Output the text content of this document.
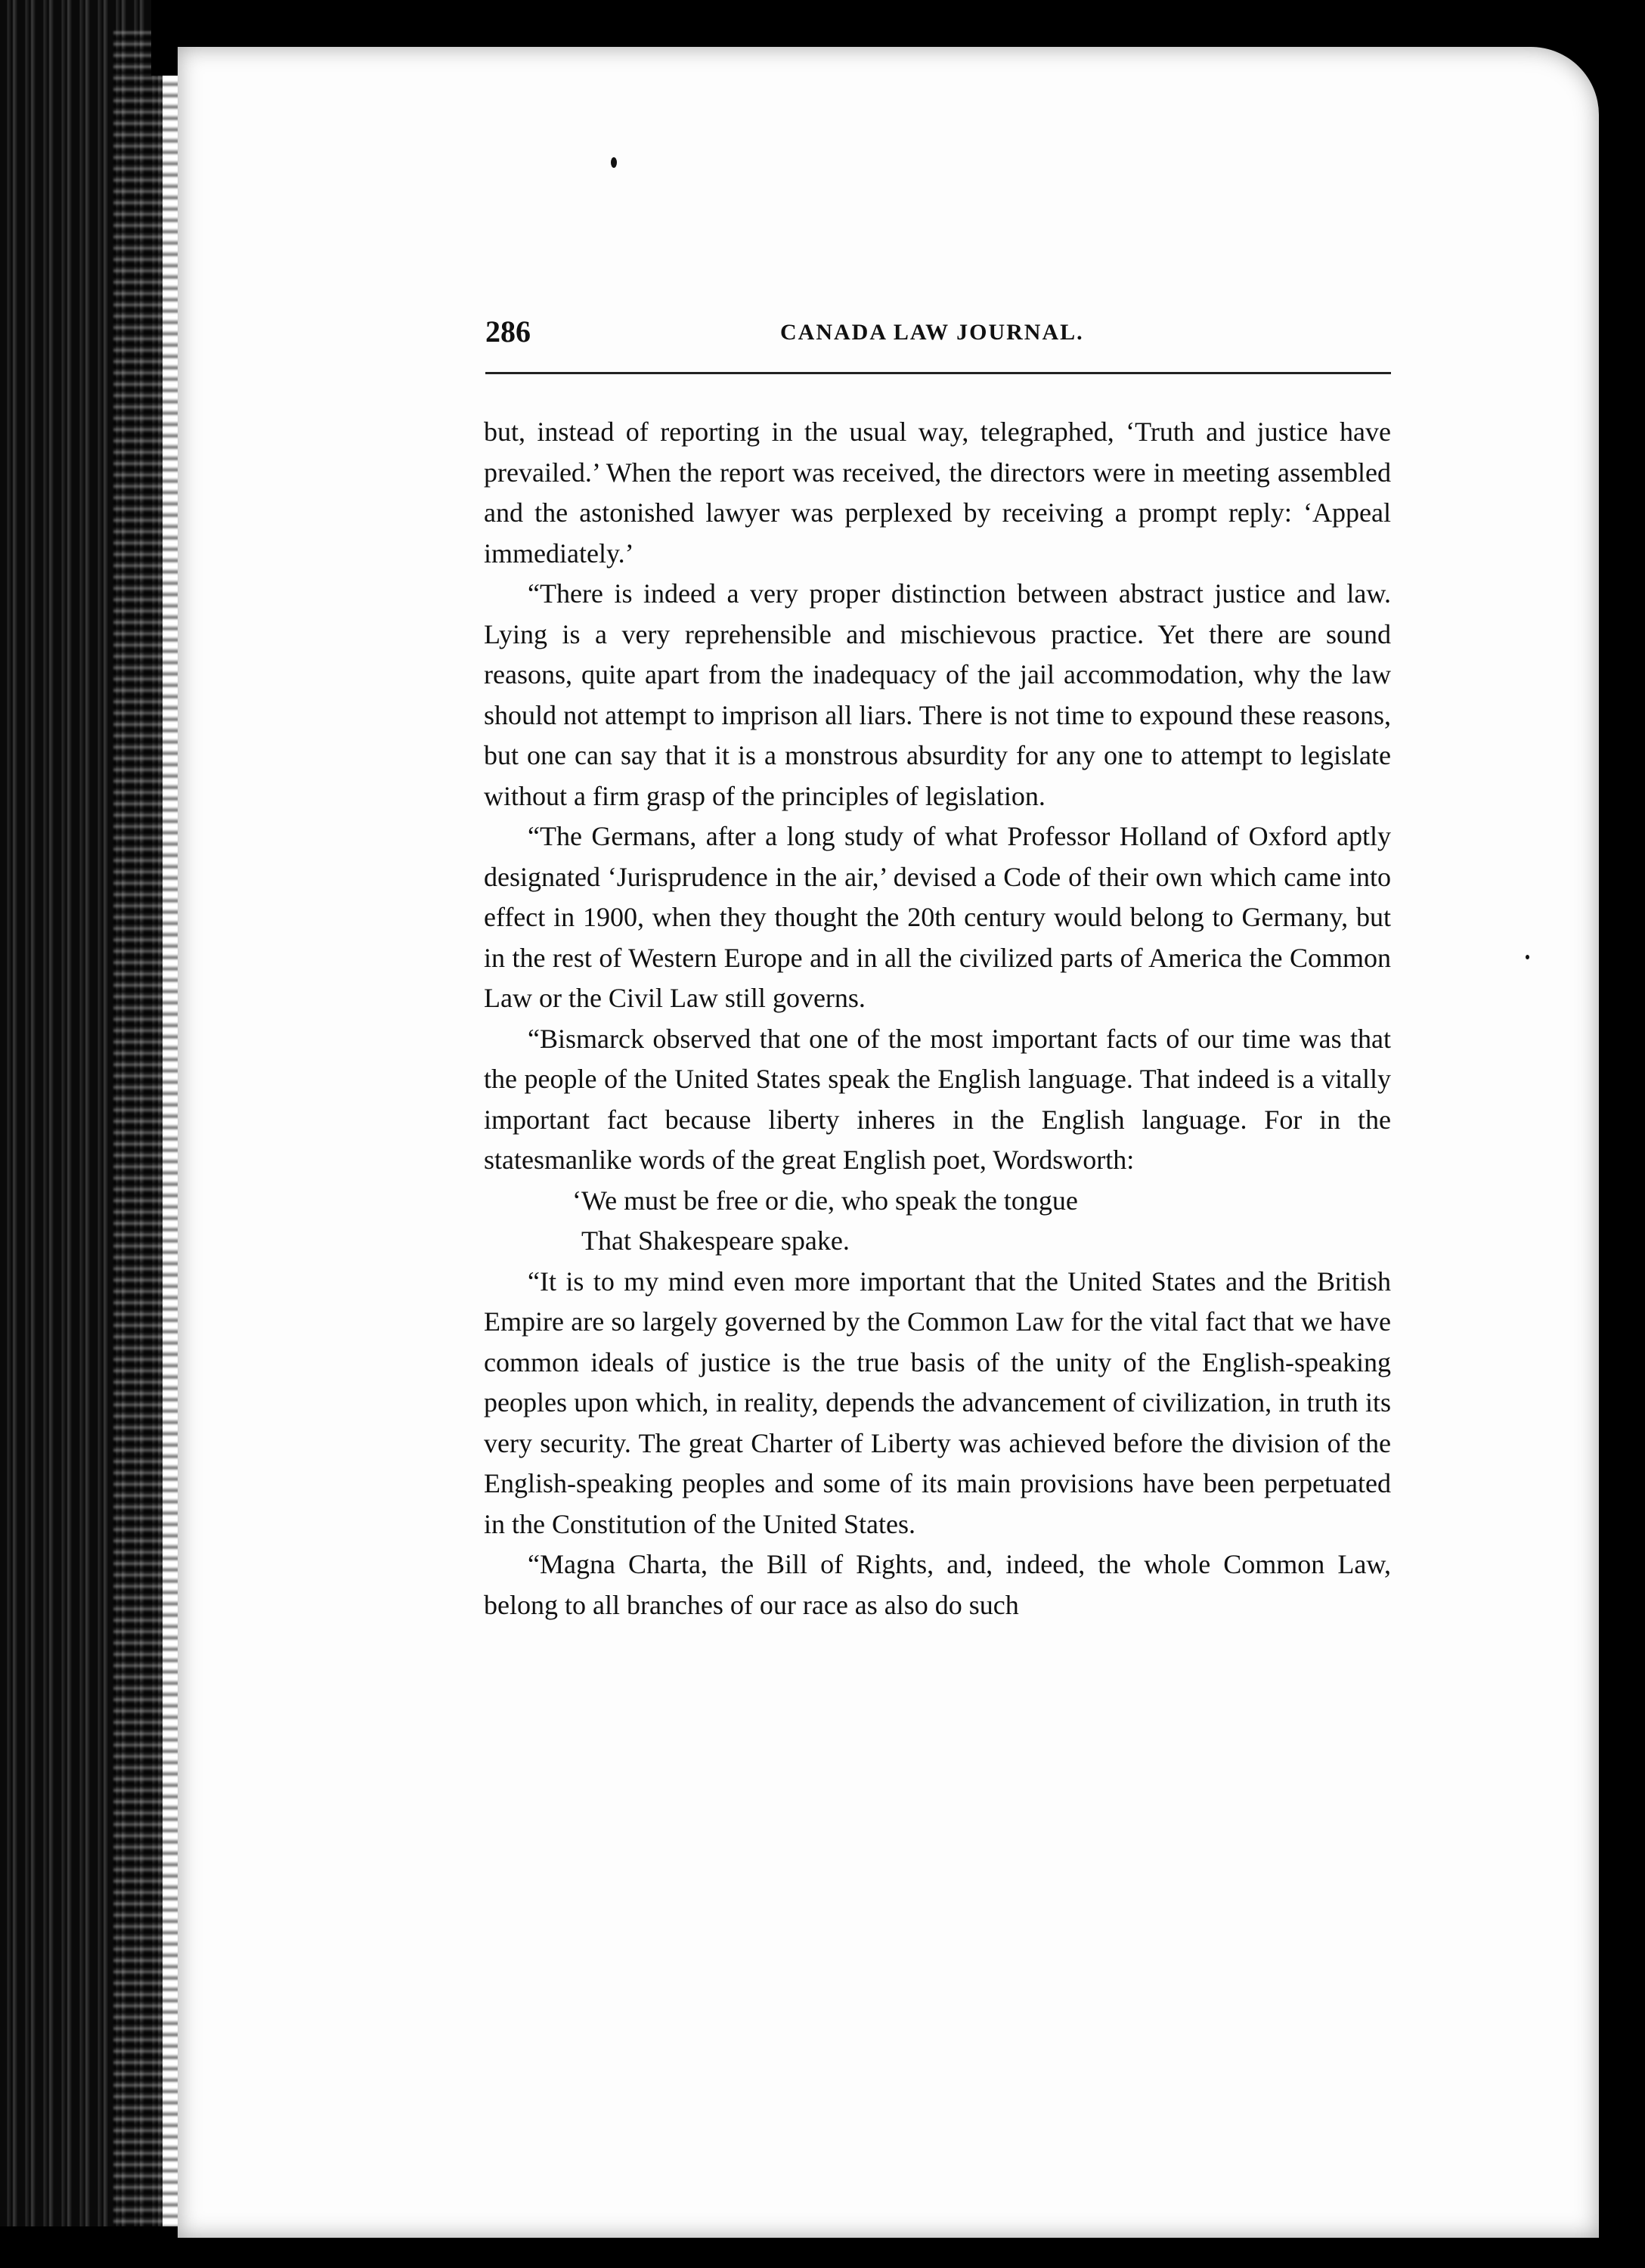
286	CANADA LAW JOURNAL.

but, instead of reporting in the usual way, telegraphed, ‘Truth and justice have prevailed.’ When the report was received, the directors were in meeting assembled and the astonished lawyer was perplexed by receiving a prompt reply: ‘Appeal immediately.’

“There is indeed a very proper distinction between abstract justice and law. Lying is a very reprehensible and mischievous practice. Yet there are sound reasons, quite apart from the inadequacy of the jail accommodation, why the law should not attempt to imprison all liars. There is not time to expound these reasons, but one can say that it is a monstrous absurdity for any one to attempt to legislate without a firm grasp of the principles of legislation.

“The Germans, after a long study of what Professor Holland of Oxford aptly designated ‘Jurisprudence in the air,’ devised a Code of their own which came into effect in 1900, when they thought the 20th century would belong to Germany, but in the rest of Western Europe and in all the civilized parts of America the Common Law or the Civil Law still governs.

“Bismarck observed that one of the most important facts of our time was that the people of the United States speak the English language. That indeed is a vitally important fact because liberty inheres in the English language. For in the statesmanlike words of the great English poet, Wordsworth:

‘We must be free or die, who speak the tongue
That Shakespeare spake.

“It is to my mind even more important that the United States and the British Empire are so largely governed by the Common Law for the vital fact that we have common ideals of justice is the true basis of the unity of the English-speaking peoples upon which, in reality, depends the advancement of civilization, in truth its very security. The great Charter of Liberty was achieved before the division of the English-speaking peoples and some of its main provisions have been perpetuated in the Constitution of the United States.

“Magna Charta, the Bill of Rights, and, indeed, the whole Common Law, belong to all branches of our race as also do such
